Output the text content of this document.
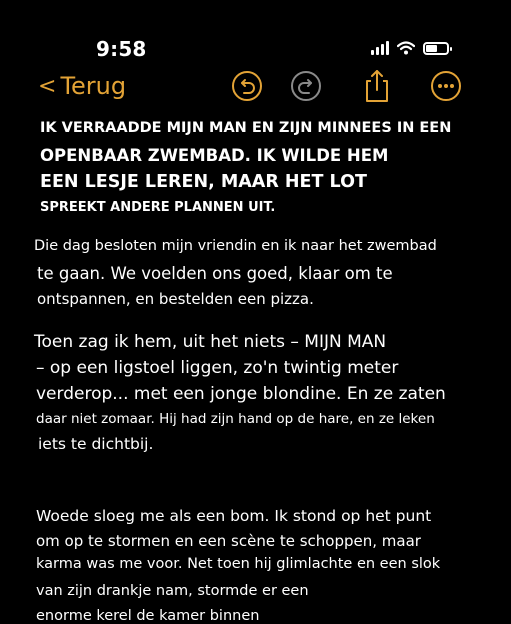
9:58
< Terug
IK VERRAADDE MIJN MAN EN ZIJN MINNEES IN EEN
OPENBAAR ZWEMBAD. IK WILDE HEM
EEN LESJE LEREN, MAAR HET LOT
SPREEKT ANDERE PLANNEN UIT.
Die dag besloten mijn vriendin en ik naar het zwembad
te gaan. We voelden ons goed, klaar om te
ontspannen, en bestelden een pizza.
Toen zag ik hem, uit het niets – MIJN MAN
– op een ligstoel liggen, zo'n twintig meter
verderop... met een jonge blondine. En ze zaten
daar niet zomaar. Hij had zijn hand op de hare, en ze leken
iets te dichtbij.
Woede sloeg me als een bom. Ik stond op het punt
om op te stormen en een scène te schoppen, maar
karma was me voor. Net toen hij glimlachte en een slok
van zijn drankje nam, stormde er een
enorme kerel de kamer binnen
